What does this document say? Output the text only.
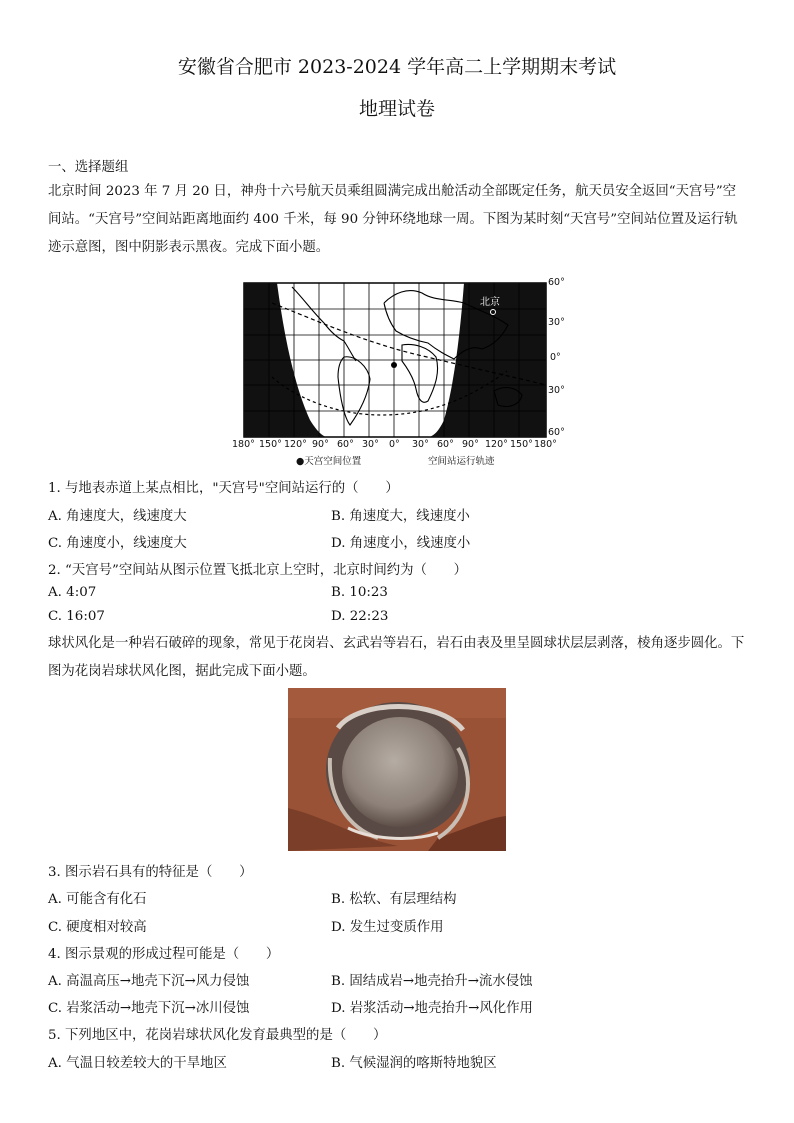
安徽省合肥市 2023-2024 学年高二上学期期末考试
地理试卷
一、选择题组
北京时间 2023 年 7 月 20 日，神舟十六号航天员乘组圆满完成出舱活动全部既定任务，航天员安全返回“天宫号”空间站。“天宫号”空间站距离地面约 400 千米，每 90 分钟环绕地球一周。下图为某时刻“天宫号”空间站位置及运行轨迹示意图，图中阴影表示黑夜。完成下面小题。
北京
60°
30°
0°
30°
60°
180° 150° 120° 90° 60° 30° 0° 30° 60° 90° 120° 150° 180°
●天宫空间位置	空间站运行轨迹
1. 与地表赤道上某点相比，"天宫号"空间站运行的（　　）
A. 角速度大，线速度大	B. 角速度大，线速度小
C. 角速度小，线速度大	D. 角速度小，线速度小
2. “天宫号”空间站从图示位置飞抵北京上空时，北京时间约为（　　）
A. 4:07	B. 10:23
C. 16:07	D. 22:23
球状风化是一种岩石破碎的现象，常见于花岗岩、玄武岩等岩石，岩石由表及里呈圆球状层层剥落，棱角逐步圆化。下图为花岗岩球状风化图，据此完成下面小题。
3. 图示岩石具有的特征是（　　）
A. 可能含有化石	B. 松软、有层理结构
C. 硬度相对较高	D. 发生过变质作用
4. 图示景观的形成过程可能是（　　）
A. 高温高压→地壳下沉→风力侵蚀	B. 固结成岩→地壳抬升→流水侵蚀
C. 岩浆活动→地壳下沉→冰川侵蚀	D. 岩浆活动→地壳抬升→风化作用
5. 下列地区中，花岗岩球状风化发育最典型的是（　　）
A. 气温日较差较大的干旱地区	B. 气候湿润的喀斯特地貌区
